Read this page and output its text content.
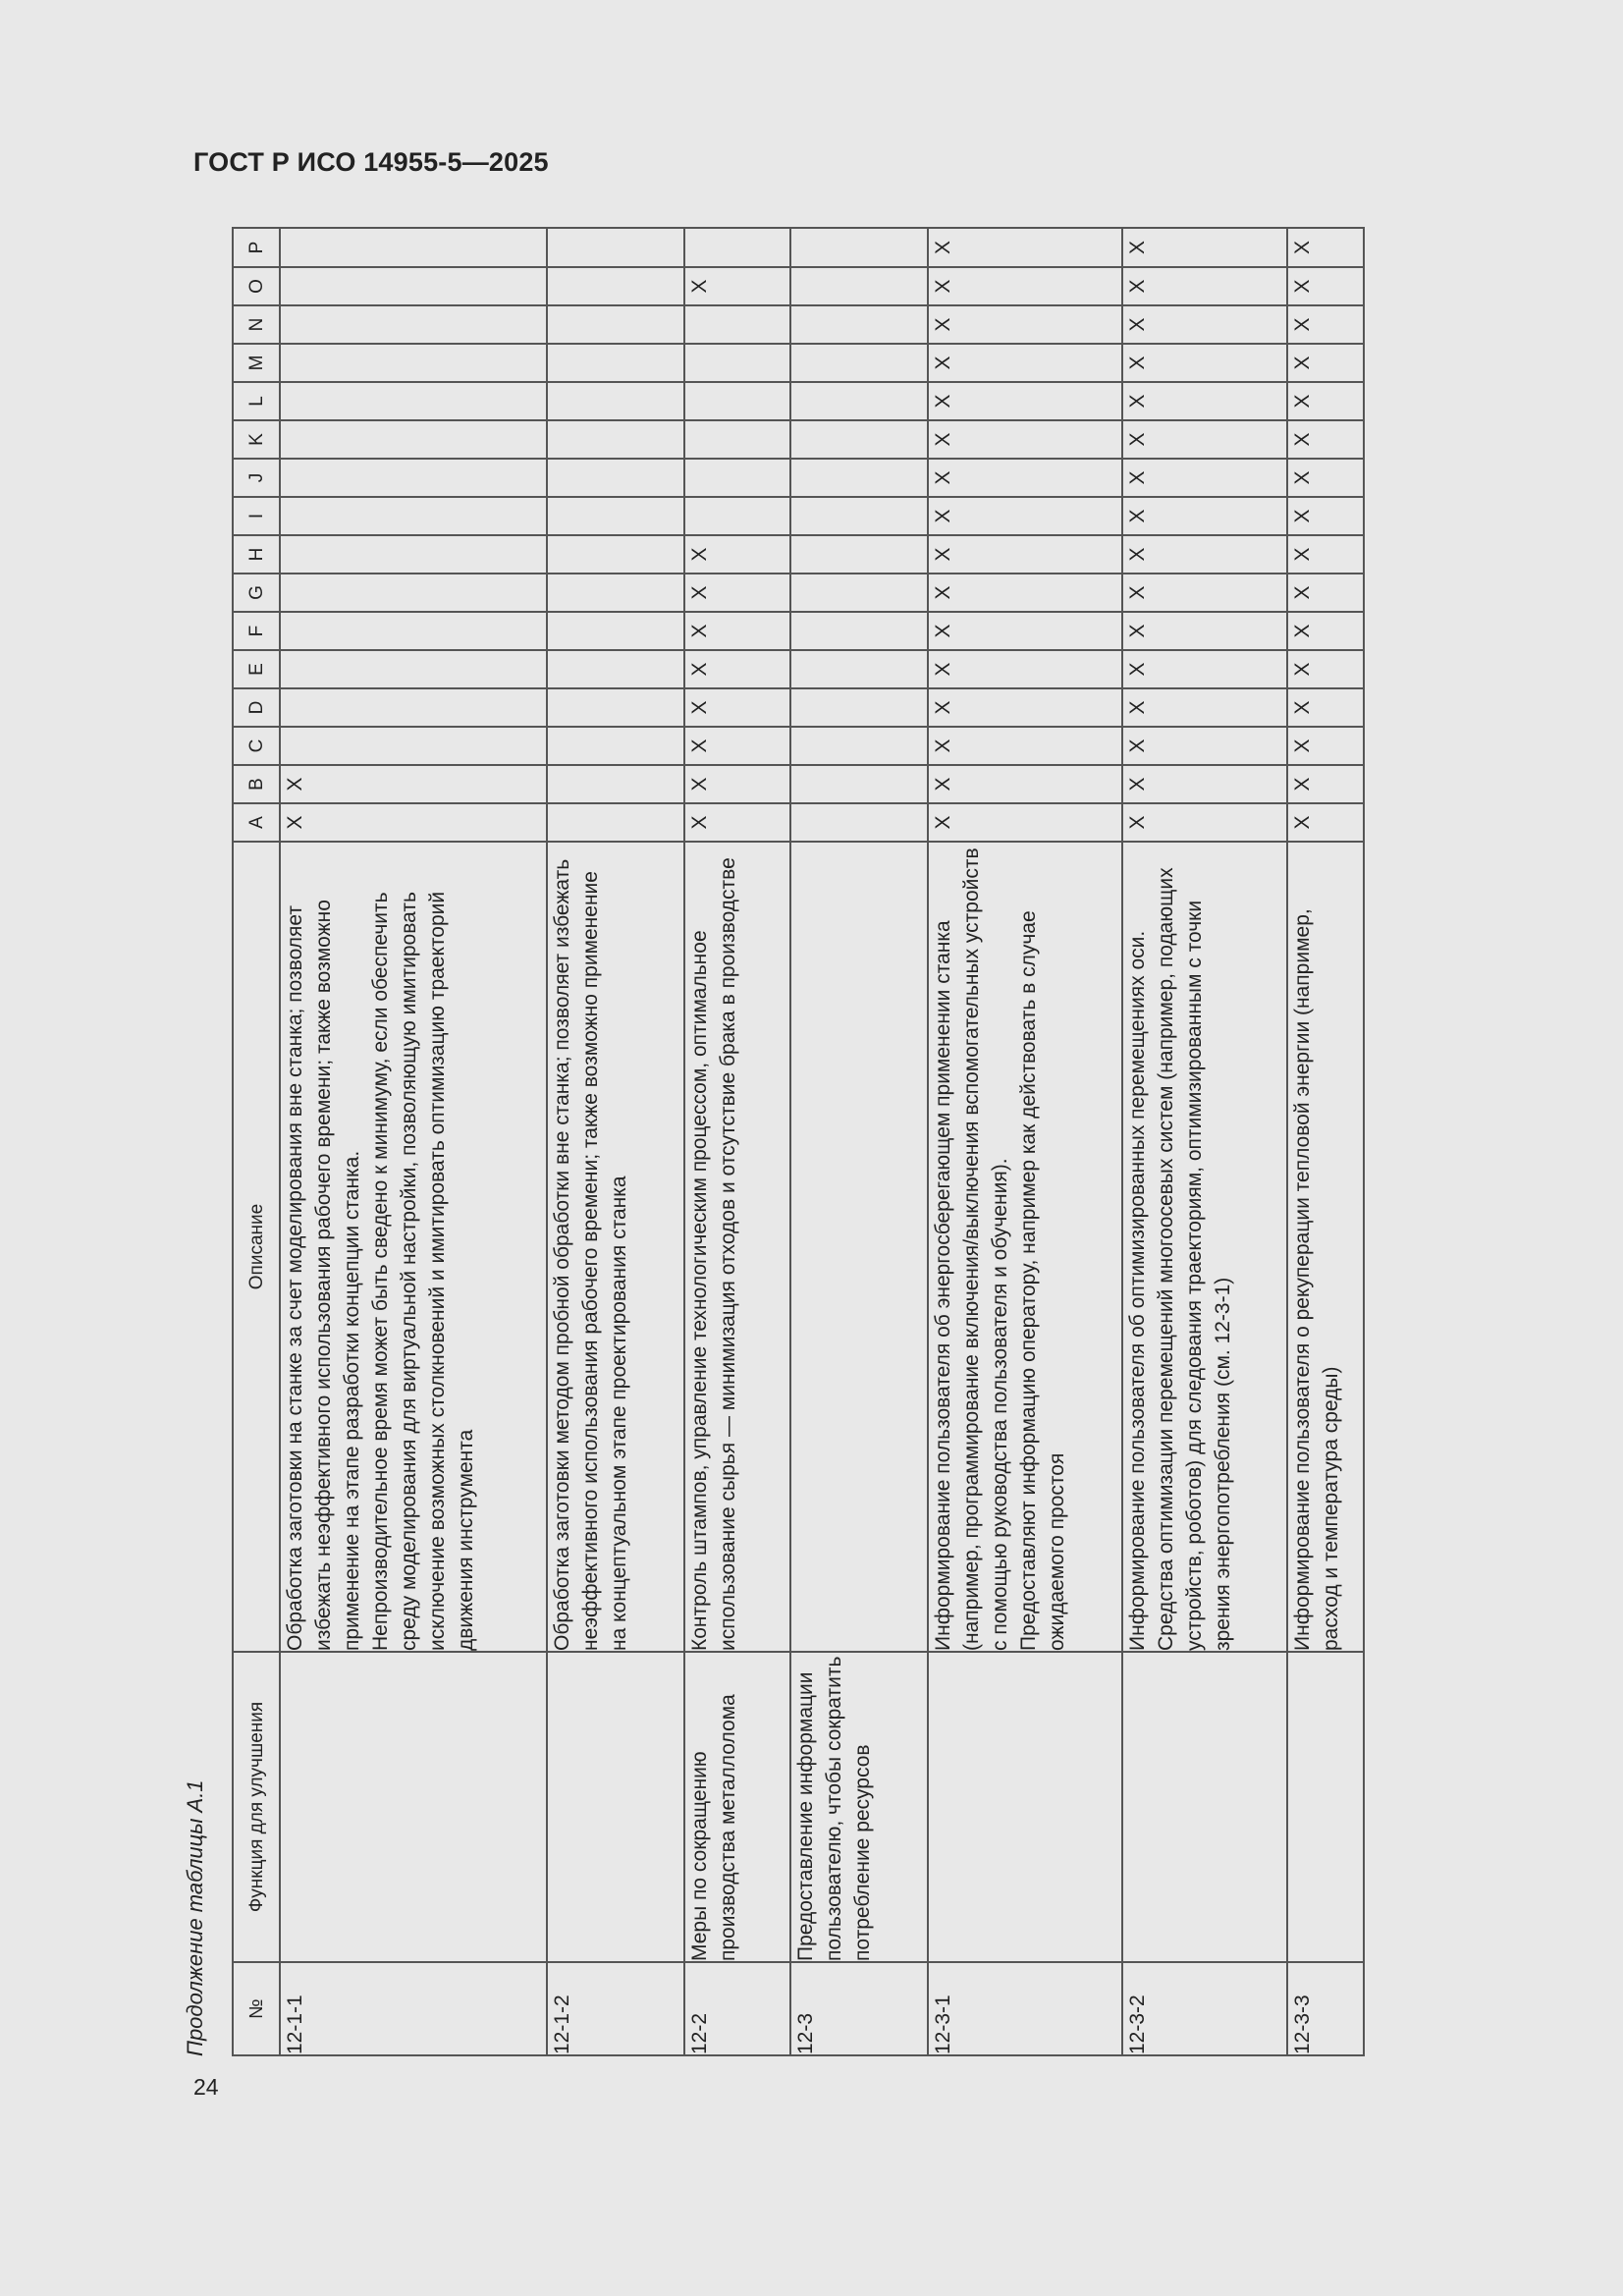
ГОСТ Р ИСО 14955-5—2025
24
Продолжение таблицы А.1 №	Функция для улучшения	Описание	A	B	C	D	E	F	G	H	I	J	K	L	M	N	O	P
12-1-1		Обработка заготовки на станке за счет моделирования вне станка; позволяет избежать неэффективного использования рабочего времени; также возможно применение на этапе разработки концепции станка. Непроизводительное время может быть сведено к минимуму, если обеспечить среду моделирования для виртуальной настройки, позволяющую имитировать исключение возможных столкновений и имитировать оптимизацию траекторий движения инструмента	X	X														
12-1-2		Обработка заготовки методом пробной обработки вне станка; позволяет избежать неэффективного использования рабочего времени; также возможно применение на концептуальном этапе проектирования станка																

12-2	Меры по сокращению производства металлолома	Контроль штампов, управление технологическим процессом, оптимальное использование сырья — минимизация отходов и отсутствие брака в производстве	X	X	X	X	X	X	X	X							X	
12-3	Предоставление информации пользователю, чтобы сократить потребление ресурсов																	
12-3-1		Информирование пользователя об энергосберегающем применении станка (например, программирование включения/выключения вспомогательных устройств с помощью руководства пользователя и обучения). Предоставляют информацию оператору, например как действовать в случае ожидаемого простоя	X	X	X	X	X	X	X	X	X	X	X	X	X	X	X	X
12-3-2		Информирование пользователя об оптимизированных перемещениях оси. Средства оптимизации перемещений многоосевых систем (например, подающих устройств, роботов) для следования траекториям, оптимизированным с точки зрения энергопотребления (см. 12-3-1)	X	X	X	X	X	X	X	X	X	X	X	X	X	X	X	X
12-3-3		Информирование пользователя о рекуперации тепловой энергии (например, расход и температура среды)	X	X	X	X	X	X	X	X	X	X	X	X	X	X	X	X
